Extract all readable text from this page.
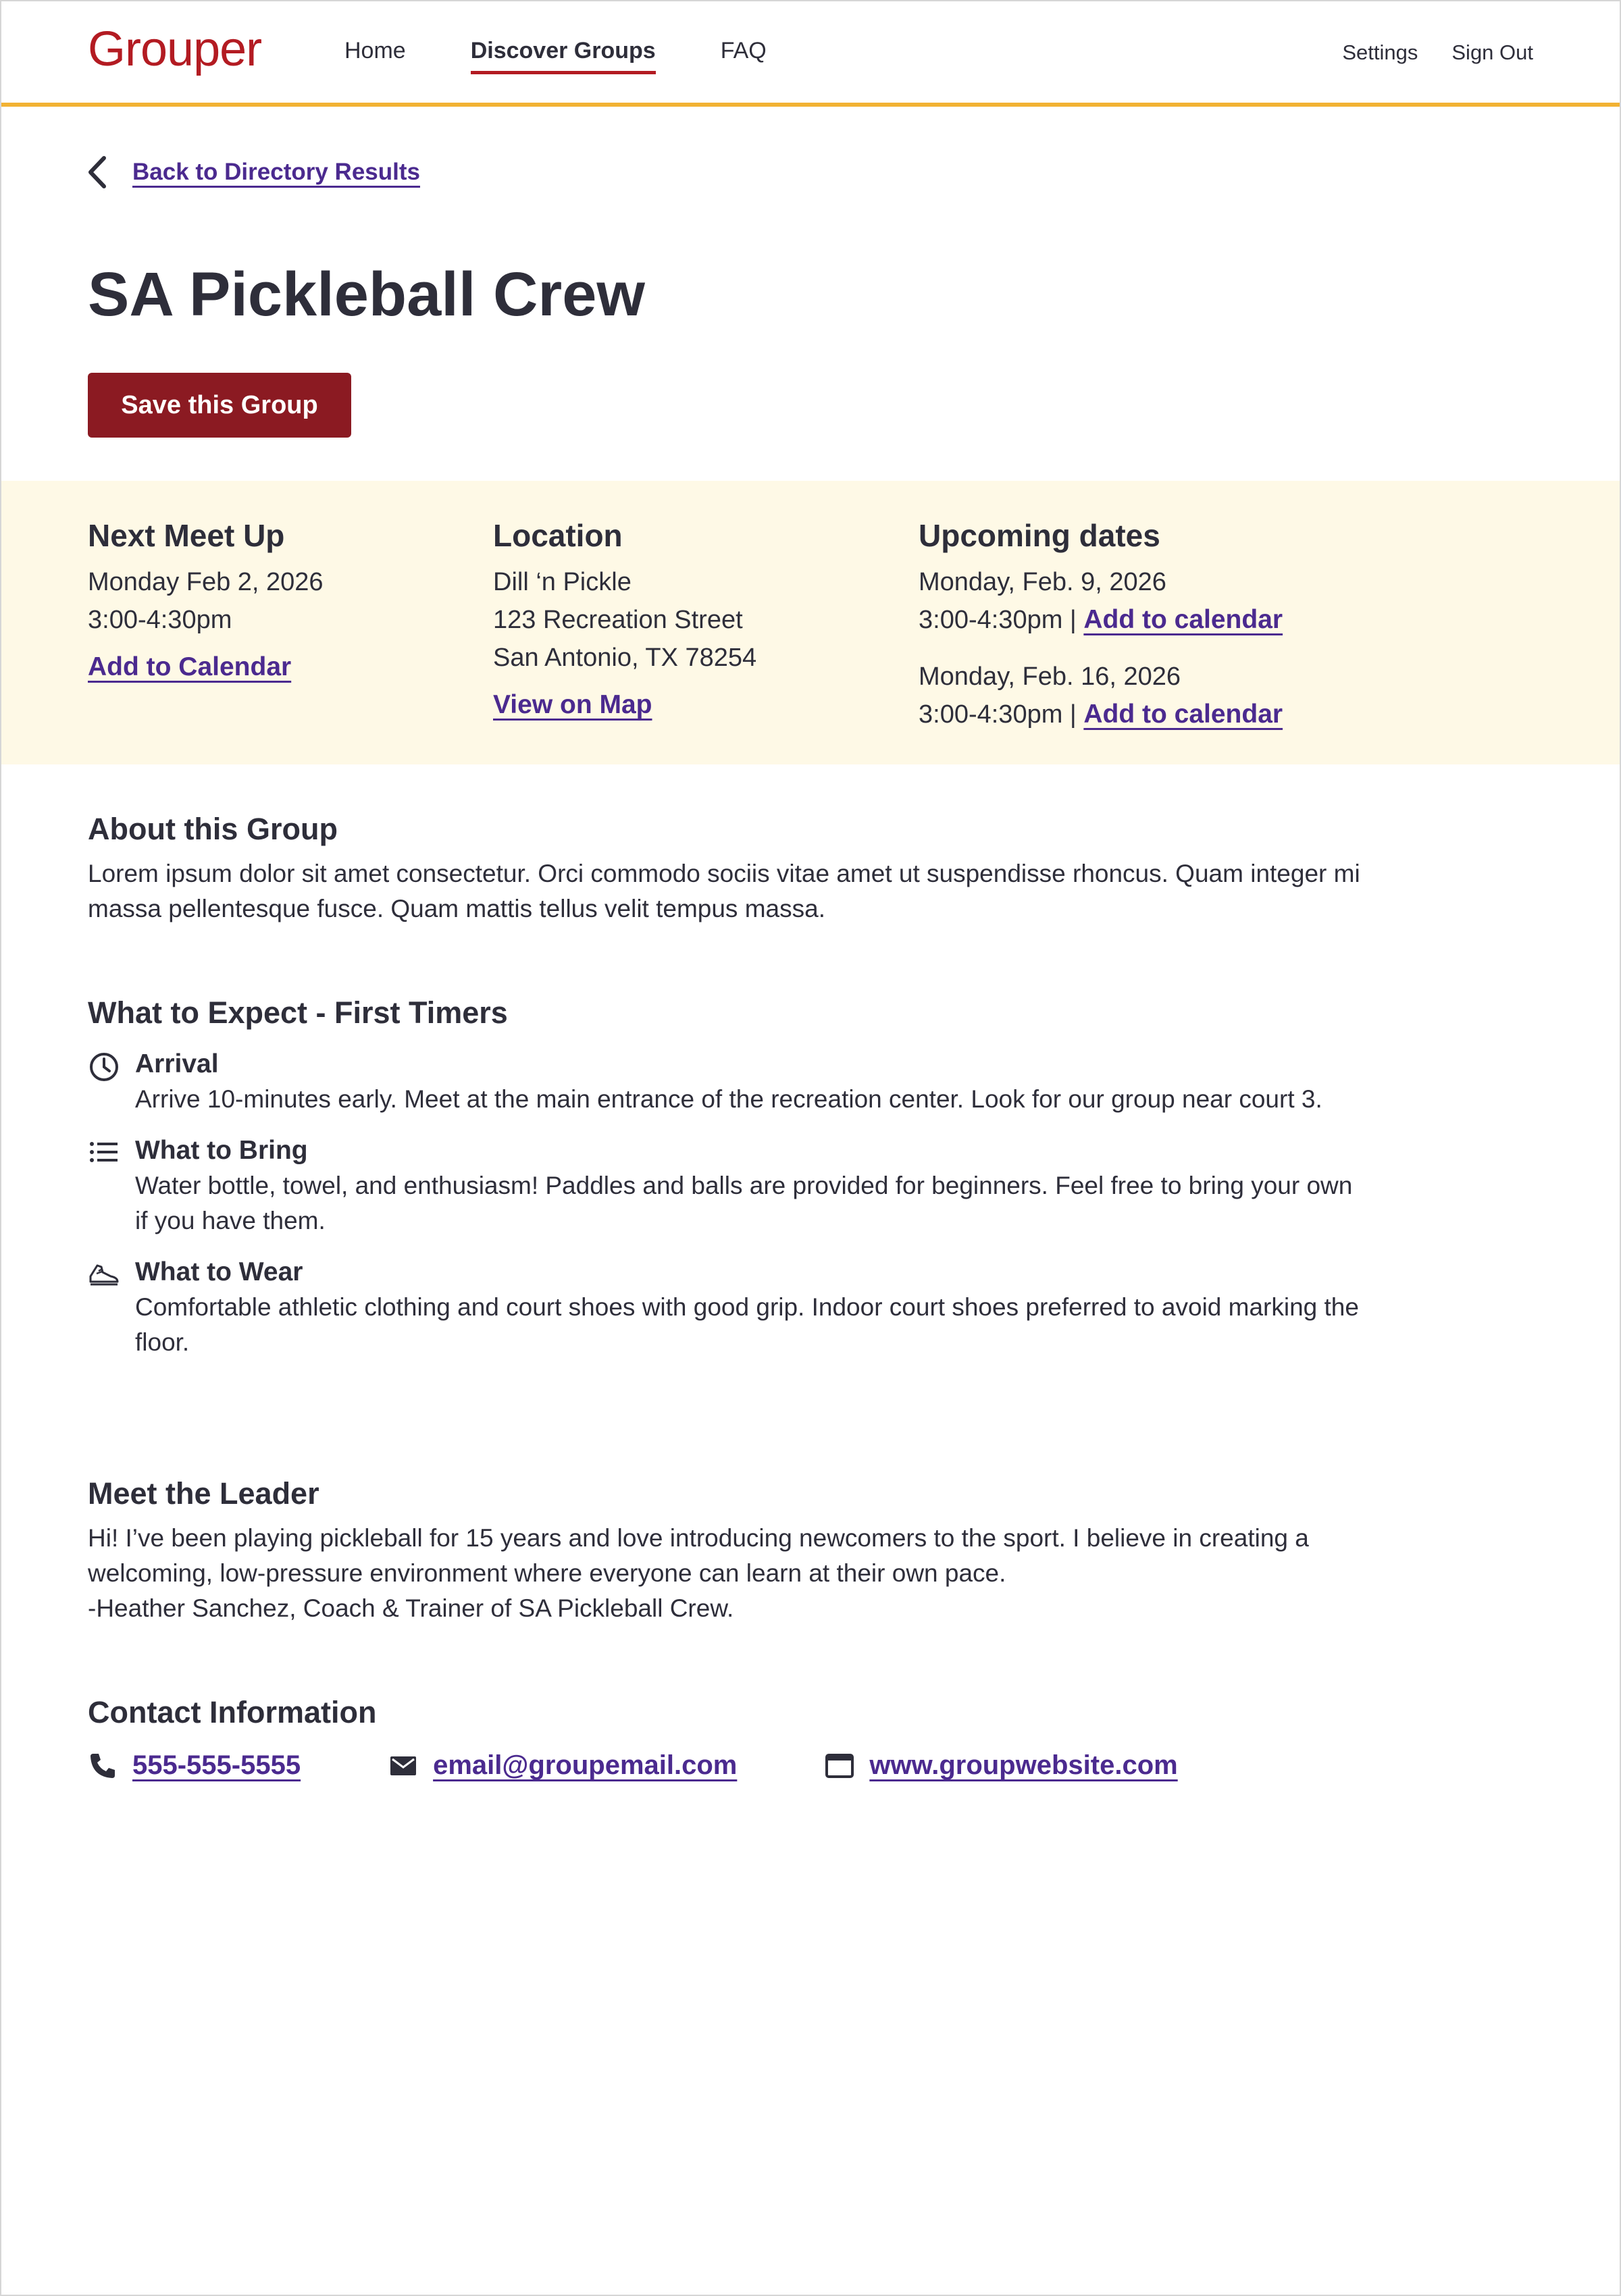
Grouper	Home	Discover Groups	FAQ	Settings Sign Out
Back to Directory Results
SA Pickleball Crew
Save this Group
Next Meet Up

Monday Feb 2, 2026

3:00-4:30pm

Add to Calendar
Location

Dill ‘n Pickle

123 Recreation Street

San Antonio, TX 78254

View on Map
Upcoming dates

Monday, Feb. 9, 2026

3:00-4:30pm | Add to calendar

Monday, Feb. 16, 2026

3:00-4:30pm | Add to calendar

About this Group

Lorem ipsum dolor sit amet consectetur. Orci commodo sociis vitae amet ut suspendisse rhoncus. Quam integer mi massa pellentesque fusce. Quam mattis tellus velit tempus massa.

What to Expect - First Timers
Arrival

Arrive 10-minutes early. Meet at the main entrance of the recreation center. Look for our group near court 3.

What to Bring

Water bottle, towel, and enthusiasm! Paddles and balls are provided for beginners. Feel free to bring your own if you have them.

What to Wear

Comfortable athletic clothing and court shoes with good grip. Indoor court shoes preferred to avoid marking the floor.

Meet the Leader

Hi! I’ve been playing pickleball for 15 years and love introducing newcomers to the sport. I believe in creating a welcoming, low-pressure environment where everyone can learn at their own pace.

-Heather Sanchez, Coach & Trainer of SA Pickleball Crew.

Contact Information
555-555-5555	email@groupemail.com	www.groupwebsite.com
